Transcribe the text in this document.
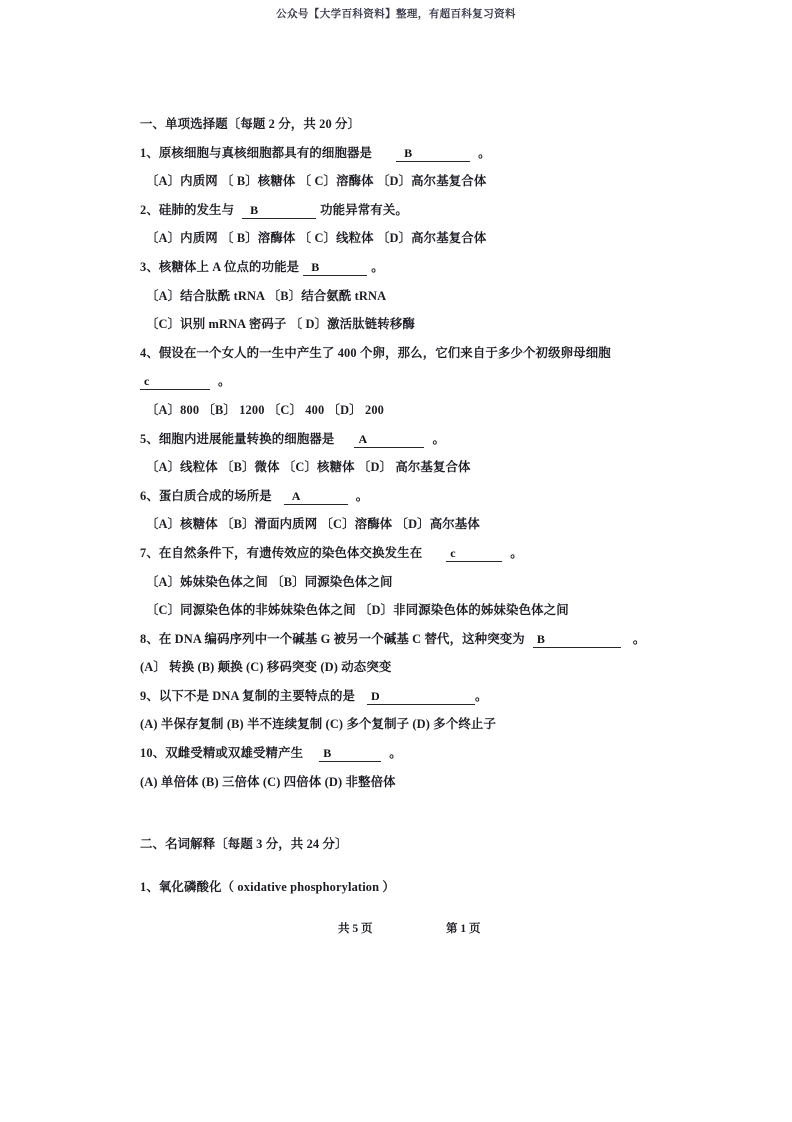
公众号【大学百科资料】整理，有超百科复习资料
一、单项选择题〔每题 2 分，共 20 分〕
1、原核细胞与真核细胞都具有的细胞器是	B	。
〔A〕内质网 〔 B〕核糖体 〔 C〕溶酶体 〔D〕高尔基复合体
2、硅肺的发生与 B	功能异常有关。
〔A〕内质网 〔 B〕溶酶体 〔 C〕线粒体 〔D〕高尔基复合体
3、核糖体上 A 位点的功能是 B	。
〔A〕结合肽酰 tRNA 〔B〕结合氨酰 tRNA
〔C〕识别 mRNA 密码子 〔 D〕激活肽链转移酶
4、假设在一个女人的一生中产生了 400 个卵，那么，它们来自于多少个初级卵母细胞
c	。
〔A〕800 〔B〕 1200 〔C〕 400 〔D〕 200
5、细胞内进展能量转换的细胞器是 A	。
〔A〕线粒体 〔B〕微体 〔C〕核糖体 〔D〕 高尔基复合体
6、蛋白质合成的场所是 A	。
〔A〕核糖体 〔B〕滑面内质网 〔C〕溶酶体 〔D〕高尔基体
7、在自然条件下，有遗传效应的染色体交换发生在 c	。
〔A〕姊妹染色体之间 〔B〕同源染色体之间
〔C〕同源染色体的非姊妹染色体之间 〔D〕非同源染色体的姊妹染色体之间
8、在 DNA 编码序列中一个碱基 G 被另一个碱基 C 替代，这种突变为 B	。
(A〕 转换 (B) 颠换 (C) 移码突变 (D) 动态突变
9、以下不是 DNA 复制的主要特点的是 D	。
(A) 半保存复制 (B) 半不连续复制 (C) 多个复制子 (D) 多个终止子
10、双雌受精或双雄受精产生 B	。
(A) 单倍体 (B) 三倍体 (C) 四倍体 (D) 非整倍体
二、名词解释〔每题 3 分，共 24 分〕
1、氧化磷酸化（ oxidative phosphorylation ）
共 5 页	第 1 页
